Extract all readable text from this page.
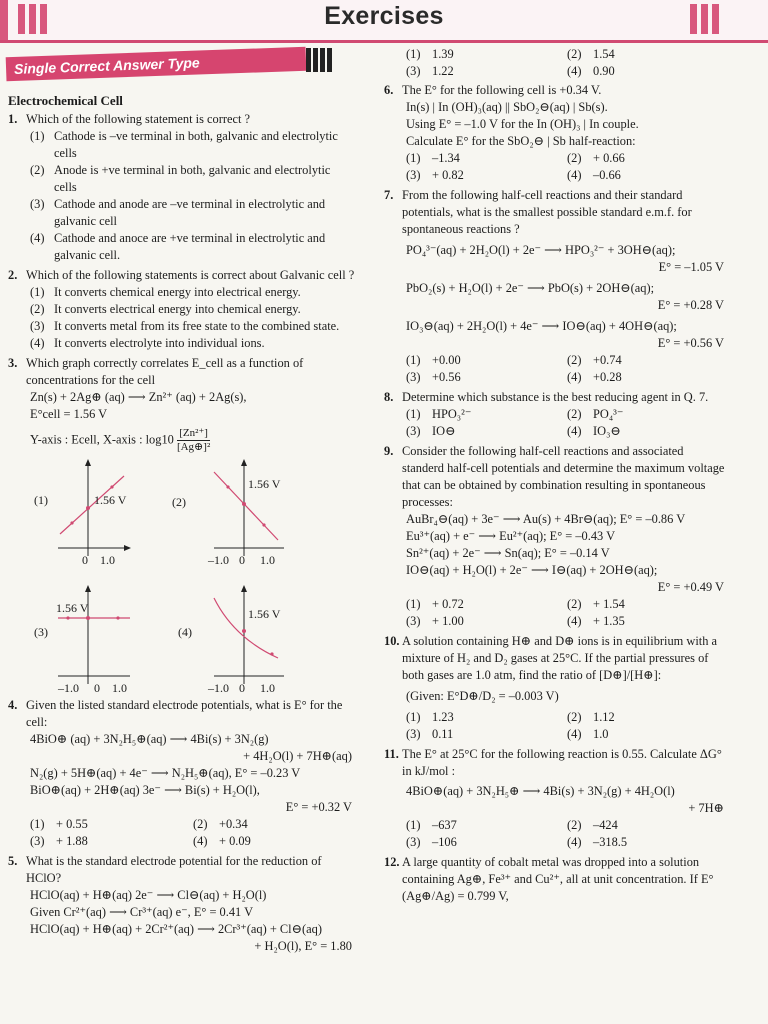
Exercises
Single Correct Answer Type
Electrochemical Cell
1. Which of the following statement is correct ?
(1) Cathode is –ve terminal in both, galvanic and electrolytic cells
(2) Anode is +ve terminal in both, galvanic and electrolytic cells
(3) Cathode and anode are –ve terminal in electrolytic and galvanic cell
(4) Cathode and anoce are +ve terminal in electrolytic and galvanic cell.
2. Which of the following statements is correct about Galvanic cell ?
(1) It converts chemical energy into electrical energy.
(2) It converts electrical energy into chemical energy.
(3) It converts metal from its free state to the combined state.
(4) It converts electrolyte into individual ions.
3. Which graph correctly correlates E_cell as a function of concentrations for the cell
Zn(s) + 2Ag⊕ (aq) ⟶ Zn²⁺ (aq) + 2Ag(s),
E°cell = 1.56 V
Y-axis : Ecell, X-axis : $\log 10 \frac{\text{[Zn²⁺]}}{\text{[Ag⊕]²}}$
(1)	1.56 V
0 1.0
(2)
1.56 V
–1.0 0 1.0
(3)
1.56 V
–1.0 0 1.0
(4)
1.56 V
–1.0 0 1.0
4. Given the listed standard electrode potentials, what is E° for the cell:
4BiO⊕ (aq) + 3N₂H₅⊕(aq) ⟶ 4Bi(s) + 3N₂(g)
+ 4H₂O(l) + 7H⊕(aq)
N₂(g) + 5H⊕(aq) + 4e⁻ ⟶ N₂H₅⊕(aq), E° = –0.23 V
BiO⊕(aq) + 2H⊕(aq) 3e⁻ ⟶ Bi(s) + H₂O(l),
E° = +0.32 V
(1) + 0.55	(2) +0.34
(3) + 1.88	(4) + 0.09
5. What is the standard electrode potential for the reduction of HClO?
HClO(aq) + H⊕(aq) 2e⁻ ⟶ Cl⊖(aq) + H₂O(l)
Given Cr²⁺(aq) ⟶ Cr³⁺(aq) e⁻, E° = 0.41 V
HClO(aq) + H⊕(aq) + 2Cr²⁺(aq) ⟶ 2Cr³⁺(aq) + Cl⊖(aq)
+ H₂O(l), E° = 1.80
(1) 1.39	(2) 1.54
(3) 1.22	(4) 0.90
6. The E° for the following cell is +0.34 V.
In(s) | In (OH)₃(aq) || SbO₂⊖(aq) | Sb(s).
Using E° = –1.0 V for the In (OH)₃ | In couple.
Calculate E° for the SbO₂⊖ | Sb half-reaction:
(1) –1.34	(2) + 0.66
(3) + 0.82	(4) –0.66
7. From the following half-cell reactions and their standard potentials, what is the smallest possible standard e.m.f. for spontaneous reactions ?
PO₄³⁻(aq) + 2H₂O(l) + 2e⁻ ⟶ HPO₃²⁻ + 3OH⊖(aq);
E° = –1.05 V
PbO₂(s) + H₂O(l) + 2e⁻ ⟶ PbO(s) + 2OH⊖(aq);
E° = +0.28 V
IO₃⊖(aq) + 2H₂O(l) + 4e⁻ ⟶ IO⊖(aq) + 4OH⊖(aq);
E° = +0.56 V
(1) +0.00	(2) +0.74
(3) +0.56	(4) +0.28
8. Determine which substance is the best reducing agent in Q. 7.
(1) HPO₃²⁻	(2) PO₄³⁻
(3) IO⊖	(4) IO₃⊖
9. Consider the following half-cell reactions and associated standerd half-cell potentials and determine the maximum voltage that can be obtained by combination resulting in spontaneous processes:
AuBr₄⊖(aq) + 3e⁻ ⟶ Au(s) + 4Br⊖(aq); E° = –0.86 V
Eu³⁺(aq) + e⁻ ⟶ Eu²⁺(aq); E° = –0.43 V
Sn²⁺(aq) + 2e⁻ ⟶ Sn(aq); E° = –0.14 V
IO⊖(aq) + H₂O(l) + 2e⁻ ⟶ I⊖(aq) + 2OH⊖(aq);
E° = +0.49 V
(1) + 0.72	(2) + 1.54
(3) + 1.00	(4) + 1.35
10. A solution containing H⊕ and D⊕ ions is in equilibrium with a mixture of H₂ and D₂ gases at 25°C. If the partial pressures of both gases are 1.0 atm, find the ratio of [D⊕]/[H⊕]:
(Given: E°D⊕/D₂ = –0.003 V)
(1) 1.23	(2) 1.12
(3) 0.11	(4) 1.0
11. The E° at 25°C for the following reaction is 0.55. Calculate ΔG° in kJ/mol :
4BiO⊕(aq) + 3N₂H₅⊕ ⟶ 4Bi(s) + 3N₂(g) + 4H₂O(l)
+ 7H⊕
(1) –637	(2) –424
(3) –106	(4) –318.5
12. A large quantity of cobalt metal was dropped into a solution containing Ag⊕, Fe³⁺ and Cu²⁺, all at unit concentration. If E° (Ag⊕/Ag) = 0.799 V,
